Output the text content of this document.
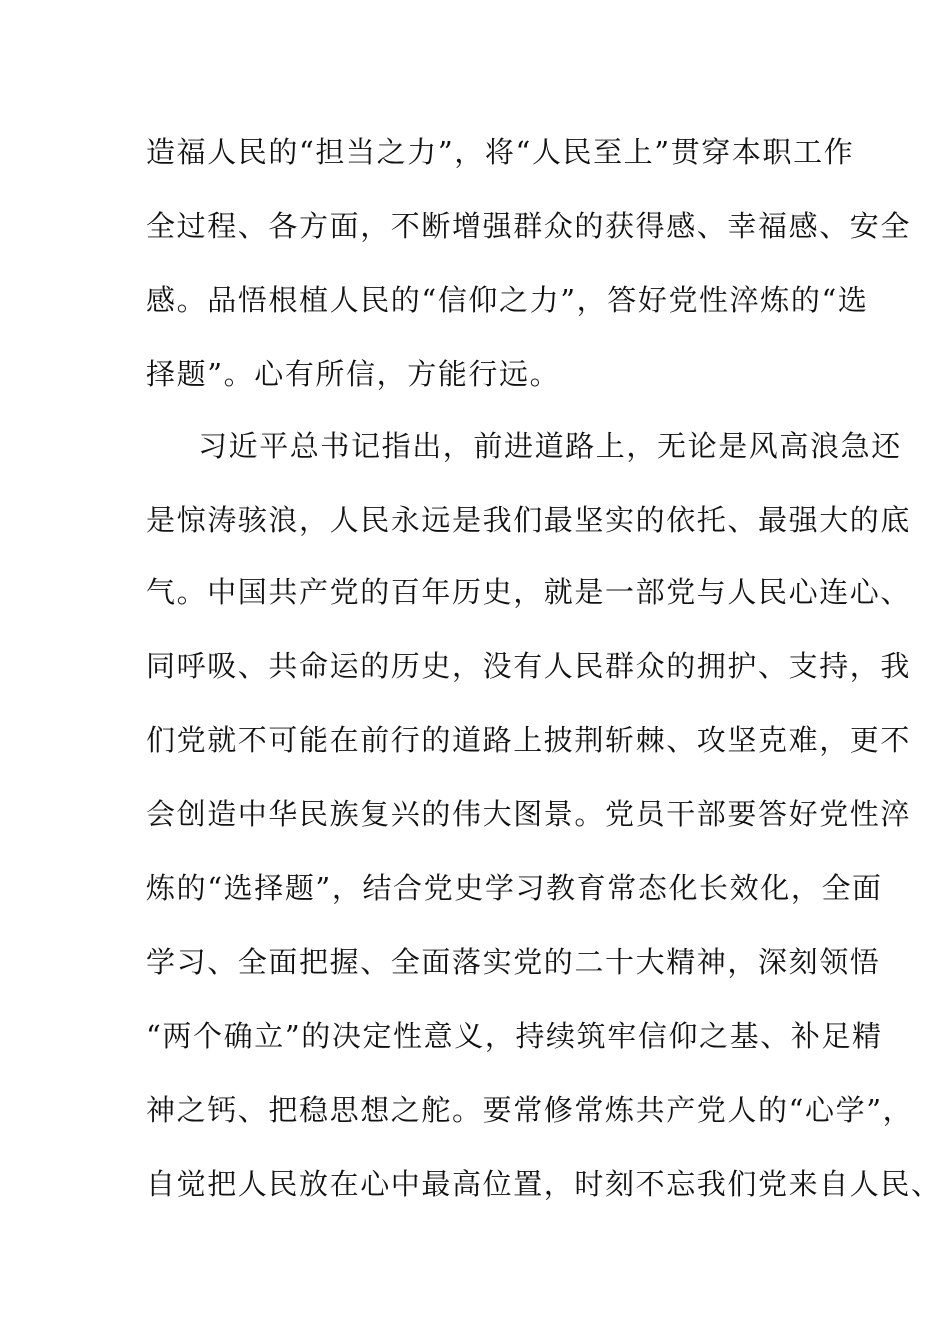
造福人民的“担当之力”，将“人民至上”贯穿本职工作
全过程、各方面，不断增强群众的获得感、幸福感、安全
感。品悟根植人民的“信仰之力”，答好党性淬炼的“选
择题”。心有所信，方能行远。
习近平总书记指出，前进道路上，无论是风高浪急还
是惊涛骇浪，人民永远是我们最坚实的依托、最强大的底
气。中国共产党的百年历史，就是一部党与人民心连心、
同呼吸、共命运的历史，没有人民群众的拥护、支持，我
们党就不可能在前行的道路上披荆斩棘、攻坚克难，更不
会创造中华民族复兴的伟大图景。党员干部要答好党性淬
炼的“选择题”，结合党史学习教育常态化长效化，全面
学习、全面把握、全面落实党的二十大精神，深刻领悟
“两个确立”的决定性意义，持续筑牢信仰之基、补足精
神之钙、把稳思想之舵。要常修常炼共产党人的“心学”，
自觉把人民放在心中最高位置，时刻不忘我们党来自人民、
